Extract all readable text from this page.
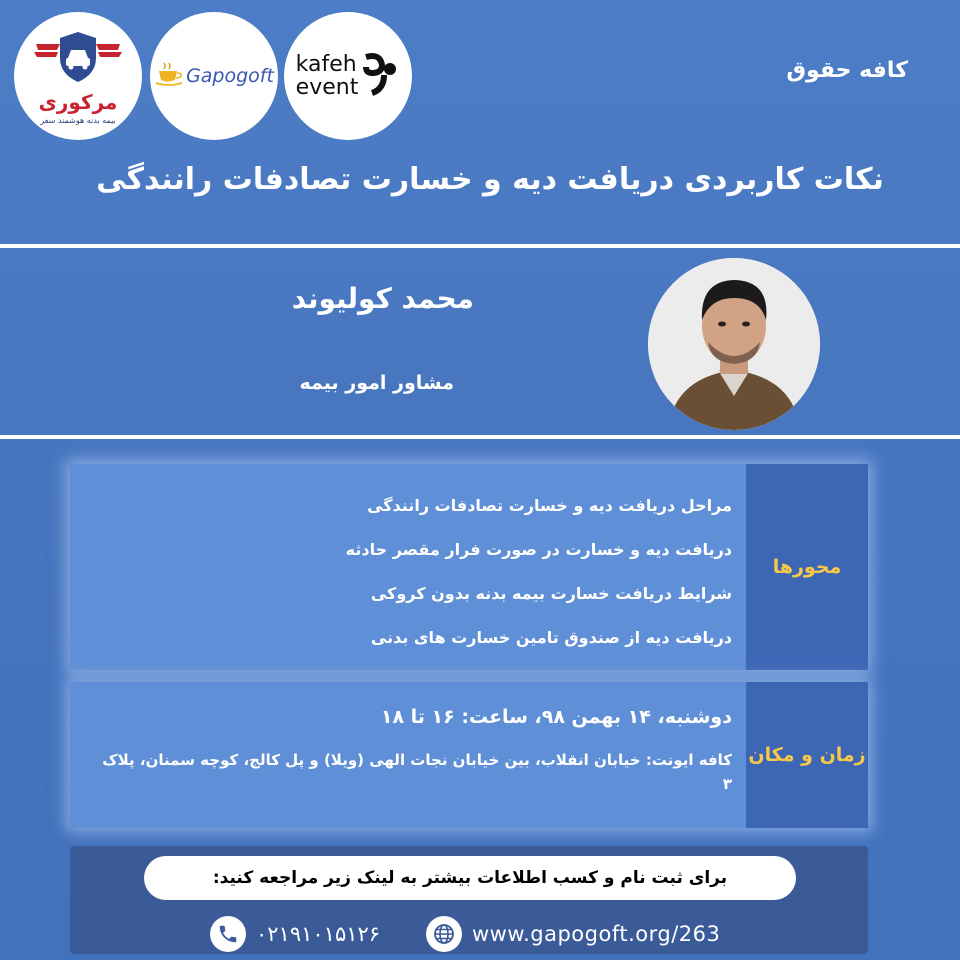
مرکوری
بیمه بدنه هوشمند سفر
Gapogoft kafeh
event
کافه حقوق
نکات کاربردی دریافت دیه و خسارت تصادفات رانندگی
محمد کولیوند
مشاور امور بیمه
مراحل دریافت دیه و خسارت تصادفات رانندگی
دریافت دیه و خسارت در صورت فرار مقصر حادثه
شرایط دریافت خسارت بیمه بدنه بدون کروکی
دریافت دیه از صندوق تامین خسارت های بدنی
محورها
دوشنبه، ۱۴ بهمن ۹۸، ساعت: ۱۶ تا ۱۸
کافه ایونت: خیابان انقلاب، بین خیابان نجات الهی (ویلا) و پل کالج، کوچه سمنان، پلاک ۳
زمان و مکان
برای ثبت نام و کسب اطلاعات بیشتر به لینک زیر مراجعه کنید:
۰۲۱۹۱۰۱۵۱۲۶	www.gapogoft.org/263
